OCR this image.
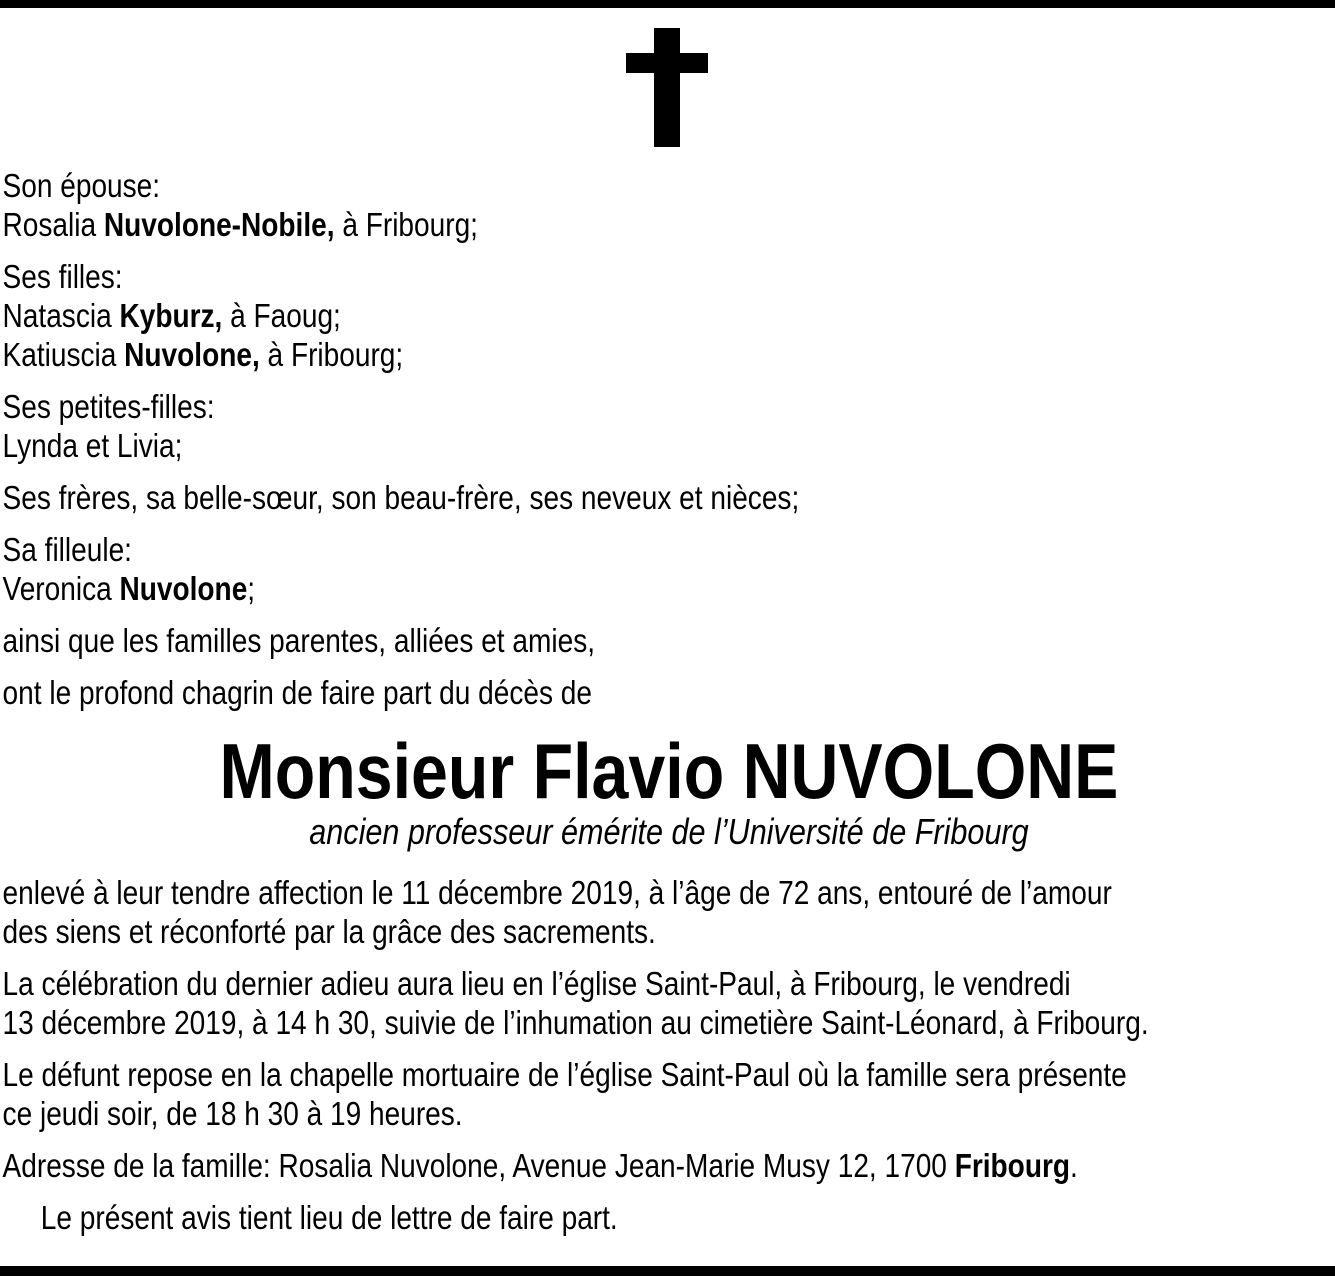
Son épouse:
Rosalia Nuvolone-Nobile, à Fribourg;
Ses filles:
Natascia Kyburz, à Faoug;
Katiuscia Nuvolone, à Fribourg;
Ses petites-filles:
Lynda et Livia;
Ses frères, sa belle-sœur, son beau-frère, ses neveux et nièces;
Sa filleule:
Veronica Nuvolone;
ainsi que les familles parentes, alliées et amies,
ont le profond chagrin de faire part du décès de
Monsieur Flavio NUVOLONE
ancien professeur émérite de l’Université de Fribourg
enlevé à leur tendre affection le 11 décembre 2019, à l’âge de 72 ans, entouré de l’amour
des siens et réconforté par la grâce des sacrements.
La célébration du dernier adieu aura lieu en l’église Saint-Paul, à Fribourg, le vendredi
13 décembre 2019, à 14 h 30, suivie de l’inhumation au cimetière Saint-Léonard, à Fribourg.
Le défunt repose en la chapelle mortuaire de l’église Saint-Paul où la famille sera présente
ce jeudi soir, de 18 h 30 à 19 heures.
Adresse de la famille: Rosalia Nuvolone, Avenue Jean-Marie Musy 12, 1700 Fribourg.
Le présent avis tient lieu de lettre de faire part.
